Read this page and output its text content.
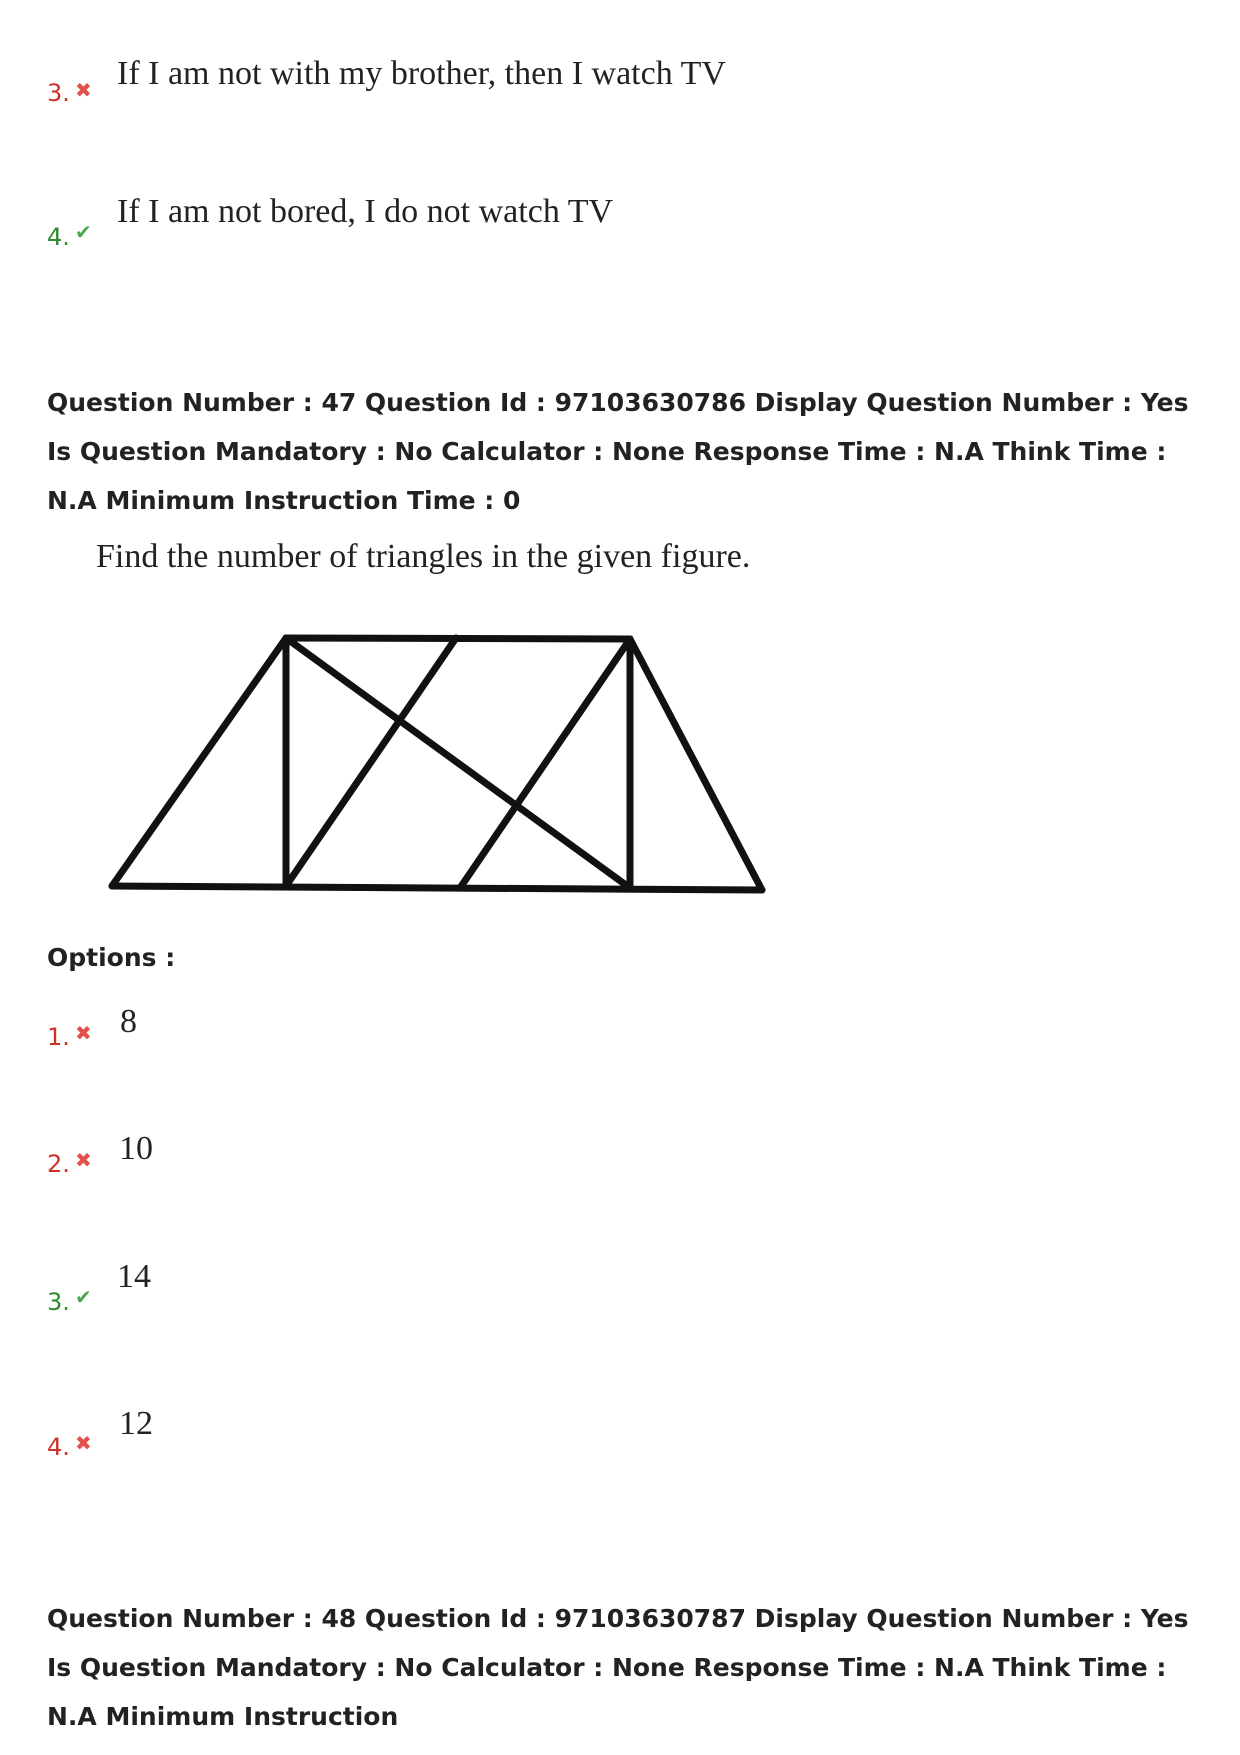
3. ✖ If I am not with my brother, then I watch TV
4. ✔
If I am not bored, I do not watch TV
Question Number : 47 Question Id : 97103630786 Display Question Number : Yes Is Question Mandatory : No Calculator : None Response Time : N.A Think Time : N.A Minimum Instruction Time : 0
Find the number of triangles in the given figure.
Options :
1. ✖ 8
2. ✖ 10
3. ✔
14
4. ✖
12
Question Number : 48 Question Id : 97103630787 Display Question Number : Yes Is Question Mandatory : No Calculator : None Response Time : N.A Think Time : N.A Minimum Instruction
